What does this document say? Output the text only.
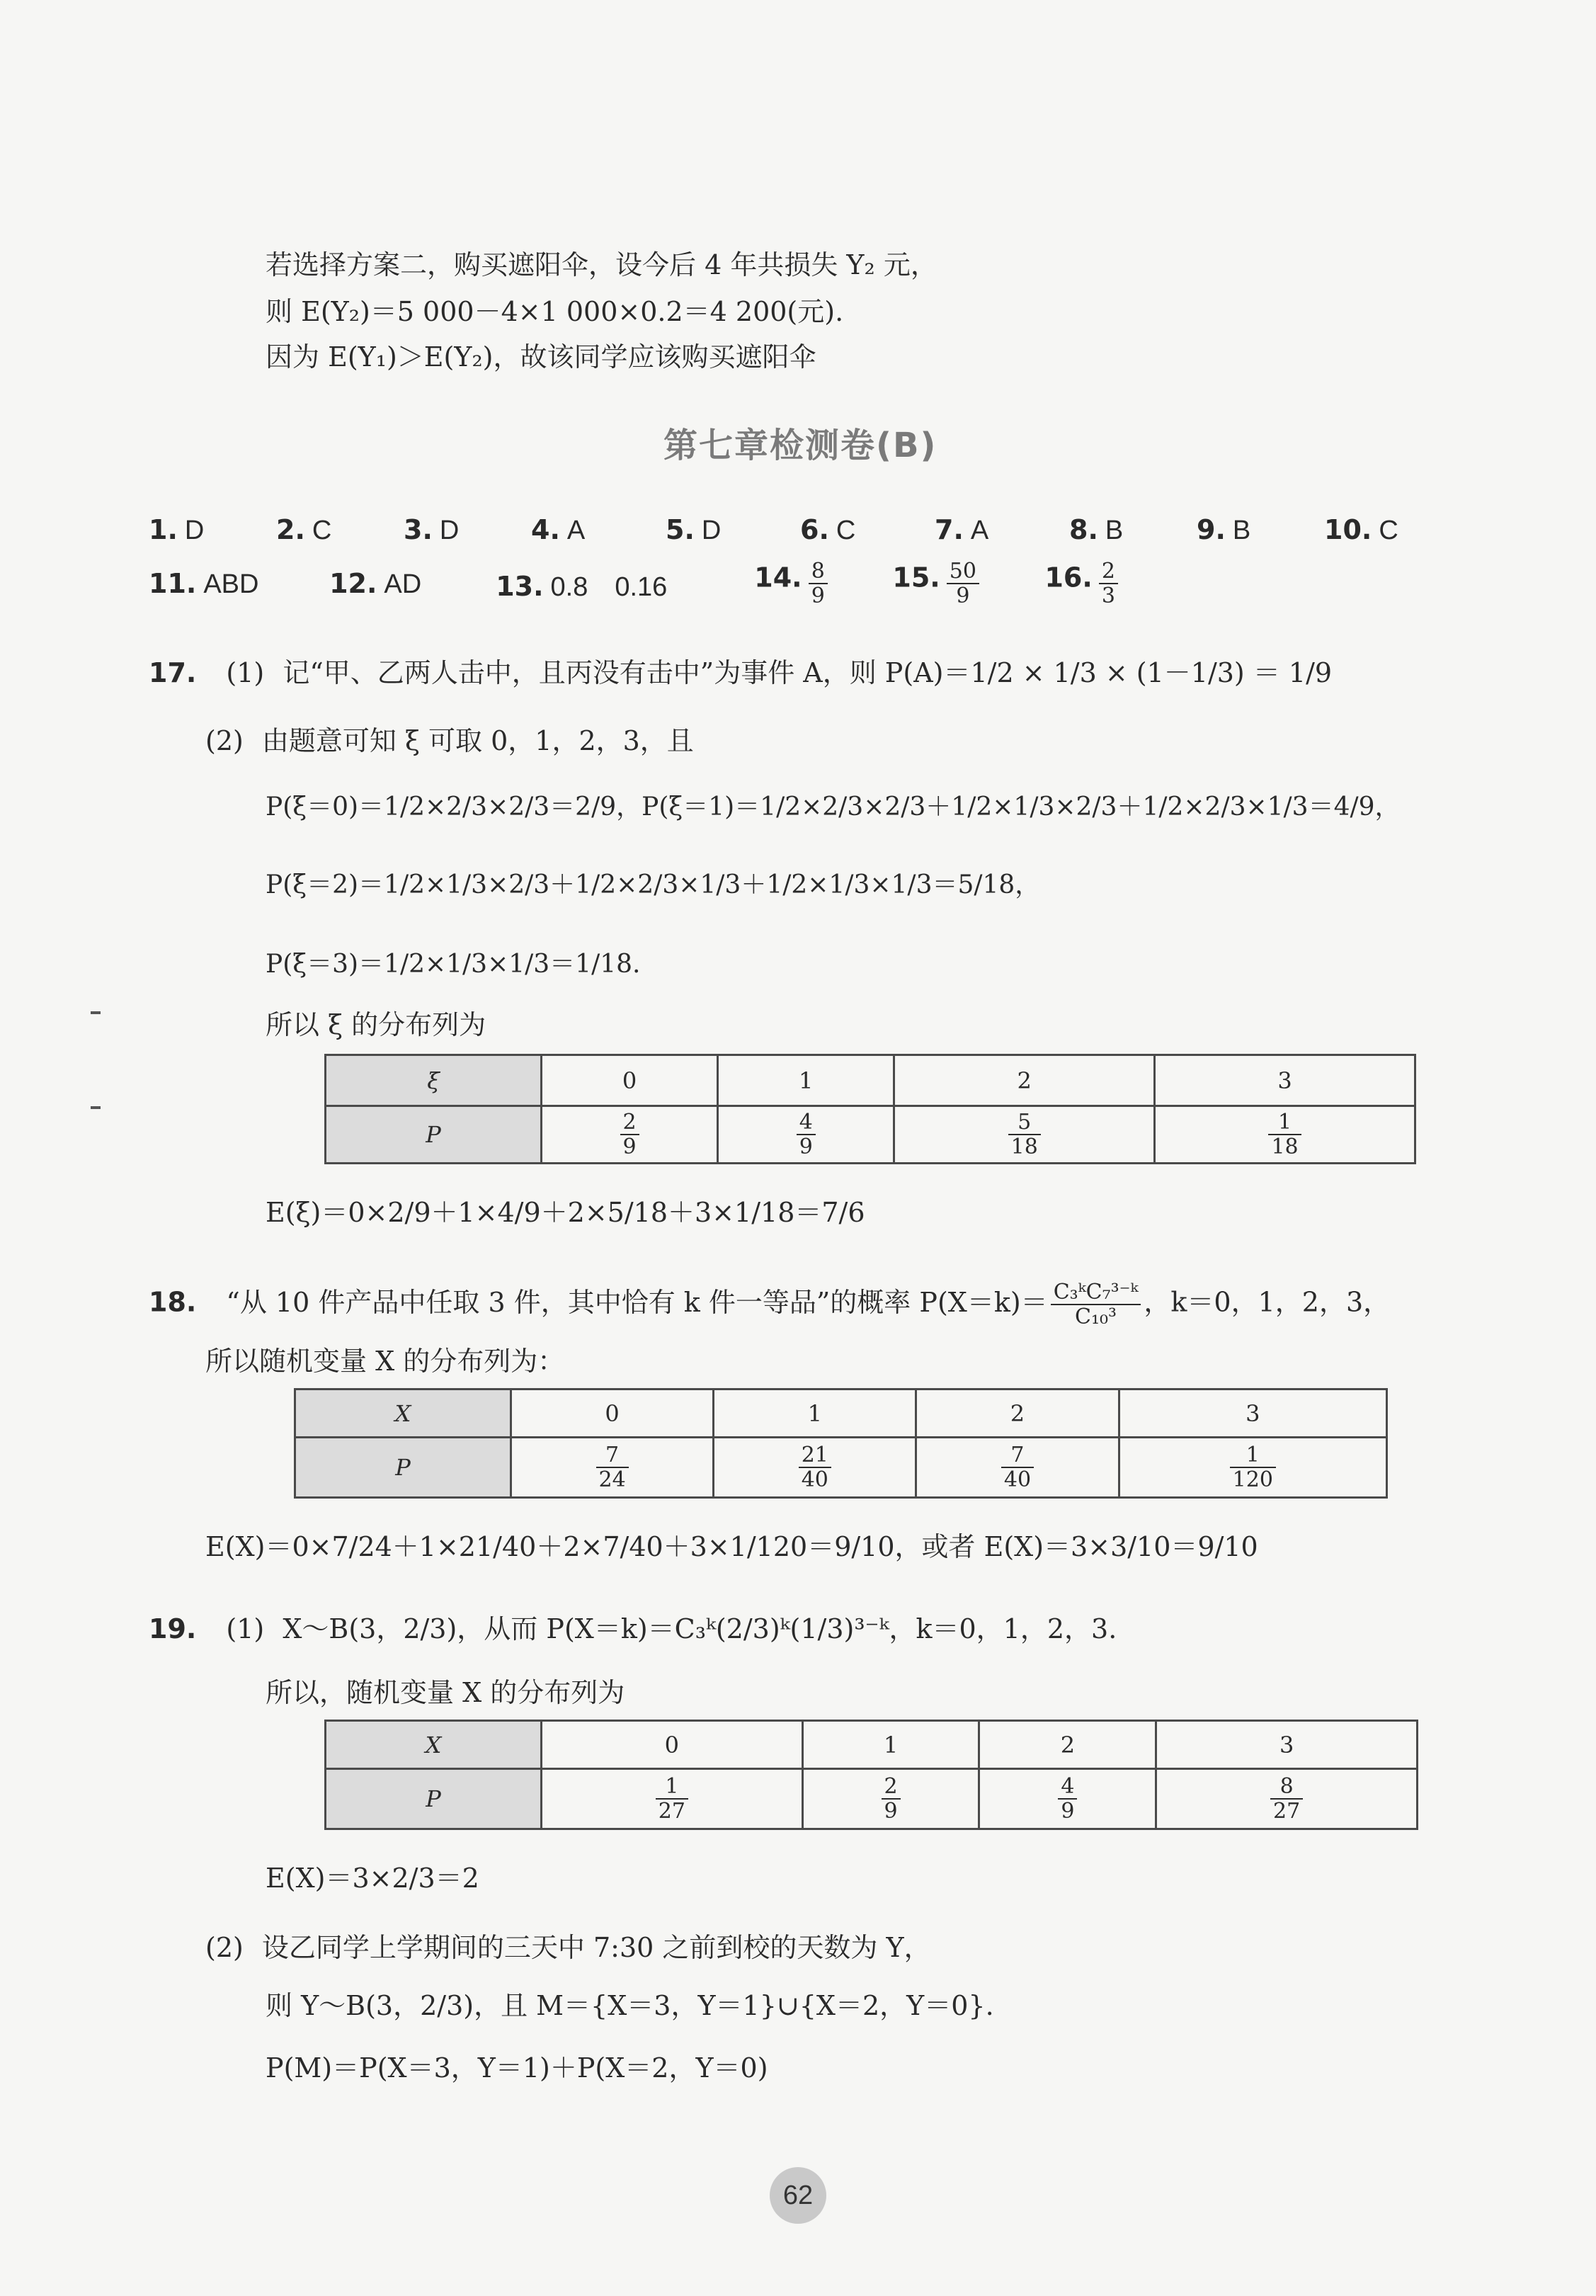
若选择方案二，购买遮阳伞，设今后 4 年共损失 Y₂ 元，
则 E(Y₂)＝5 000－4×1 000×0.2＝4 200(元).
因为 E(Y₁)＞E(Y₂)，故该同学应该购买遮阳伞
第七章检测卷(B)
1. D	2. C	3. D	4. A	5. D	6. C	7. A	8. B	9. B	10. C
11. ABD	12. AD	13. 0.8　0.16	14. $\frac{8}{9} 15$. $\frac{50}{9} 16$. $\frac{2}{3}$
17. (1) 记“甲、乙两人击中，且丙没有击中”为事件 A，则 P(A)＝1/2 × 1/3 × (1－1/3) ＝ 1/9
(2) 由题意可知 ξ 可取 0，1，2，3，且
P(ξ＝0)＝1/2×2/3×2/3＝2/9，P(ξ＝1)＝1/2×2/3×2/3＋1/2×1/3×2/3＋1/2×2/3×1/3＝4/9，
P(ξ＝2)＝1/2×1/3×2/3＋1/2×2/3×1/3＋1/2×1/3×1/3＝5/18，
P(ξ＝3)＝1/2×1/3×1/3＝1/18.
所以 ξ 的分布列为
ξ	0	1	2	3
P	$\frac{2}{9}$	$\frac{4}{9}$	$\frac{5}{18}$	$\frac{1}{18}$
E(ξ)＝0×2/9＋1×4/9＋2×5/18＋3×1/18＝7/6
18. “从 10 件产品中任取 3 件，其中恰有 k 件一等品”的概率 $P(X=k)= \frac{\text{C₃ᵏC₇³⁻ᵏ}}{\text{C₁₀³}}$ ，k＝0，1，2，3，
所以随机变量 X 的分布列为：
X	0	1	2	3
P	$\frac{7}{24}$	$\frac{21}{40}$	$\frac{7}{40}$	$\frac{1}{120}$
E(X)＝0×7/24＋1×21/40＋2×7/40＋3×1/120＝9/10，或者 E(X)＝3×3/10＝9/10
19. (1) X～B(3，2/3)，从而 P(X＝k)＝C₃ᵏ(2/3)ᵏ(1/3)³⁻ᵏ，k＝0，1，2，3.
所以，随机变量 X 的分布列为
X	0	1	2	3
P	$\frac{1}{27}$	$\frac{2}{9}$	$\frac{4}{9}$	$\frac{8}{27}$
E(X)＝3×2/3＝2
(2) 设乙同学上学期间的三天中 7:30 之前到校的天数为 Y，
则 Y～B(3，2/3)，且 M＝{X＝3，Y＝1}∪{X＝2，Y＝0}.
P(M)＝P(X＝3，Y＝1)＋P(X＝2，Y＝0)
62
